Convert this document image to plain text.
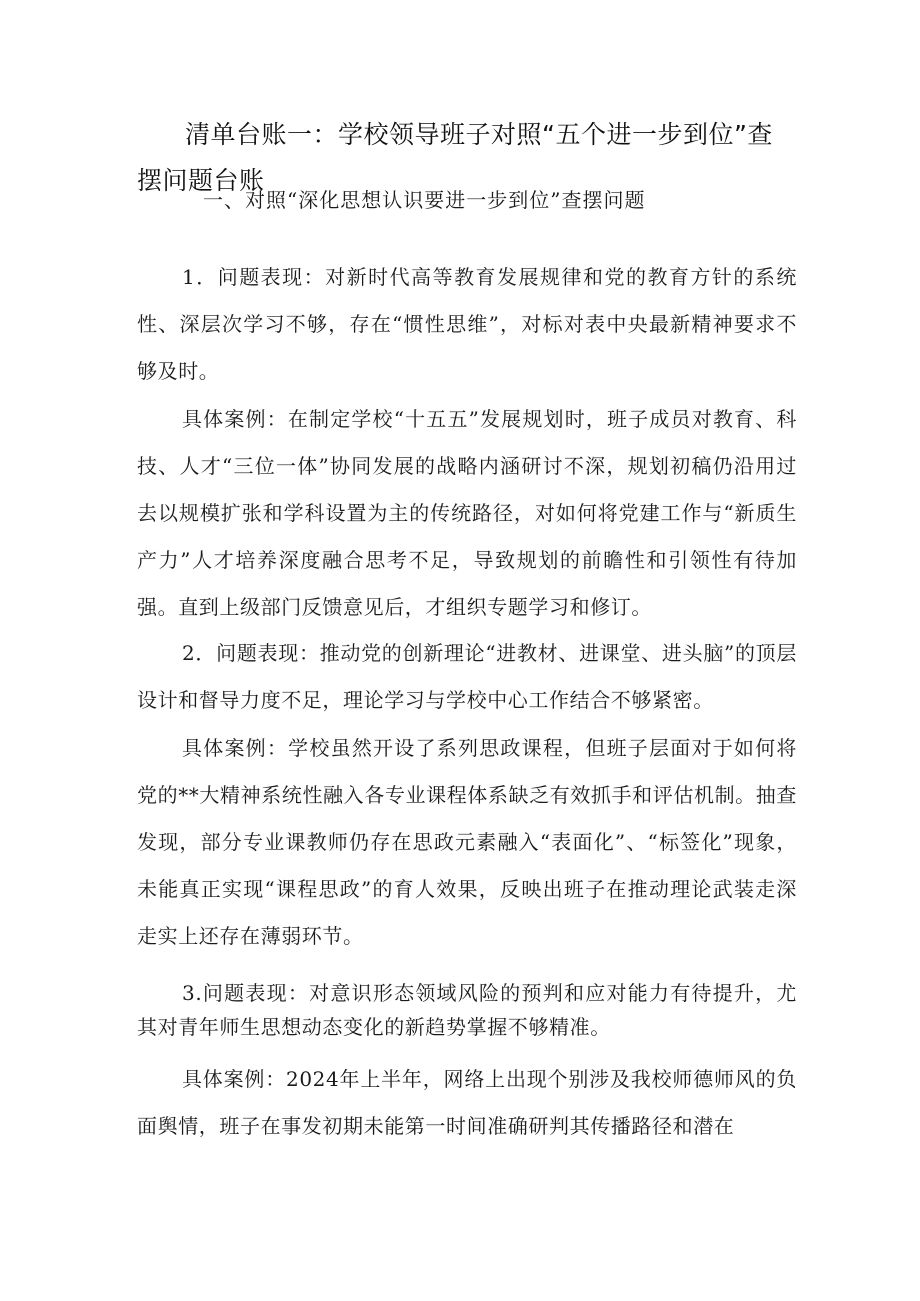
清单台账一：学校领导班子对照“五个进一步到位”查摆问题台账
一、对照“深化思想认识要进一步到位”查摆问题
1．问题表现：对新时代高等教育发展规律和党的教育方针的系统性、深层次学习不够，存在“惯性思维”，对标对表中央最新精神要求不够及时。
具体案例：在制定学校“十五五”发展规划时，班子成员对教育、科技、人才“三位一体”协同发展的战略内涵研讨不深，规划初稿仍沿用过去以规模扩张和学科设置为主的传统路径，对如何将党建工作与“新质生产力”人才培养深度融合思考不足，导致规划的前瞻性和引领性有待加强。直到上级部门反馈意见后，才组织专题学习和修订。
2．问题表现：推动党的创新理论“进教材、进课堂、进头脑”的顶层设计和督导力度不足，理论学习与学校中心工作结合不够紧密。
具体案例：学校虽然开设了系列思政课程，但班子层面对于如何将党的**大精神系统性融入各专业课程体系缺乏有效抓手和评估机制。抽查发现，部分专业课教师仍存在思政元素融入“表面化”、“标签化”现象，未能真正实现“课程思政”的育人效果，反映出班子在推动理论武装走深走实上还存在薄弱环节。
3.问题表现：对意识形态领域风险的预判和应对能力有待提升，尤其对青年师生思想动态变化的新趋势掌握不够精准。
具体案例：2024年上半年，网络上出现个别涉及我校师德师风的负面舆情，班子在事发初期未能第一时间准确研判其传播路径和潜在
